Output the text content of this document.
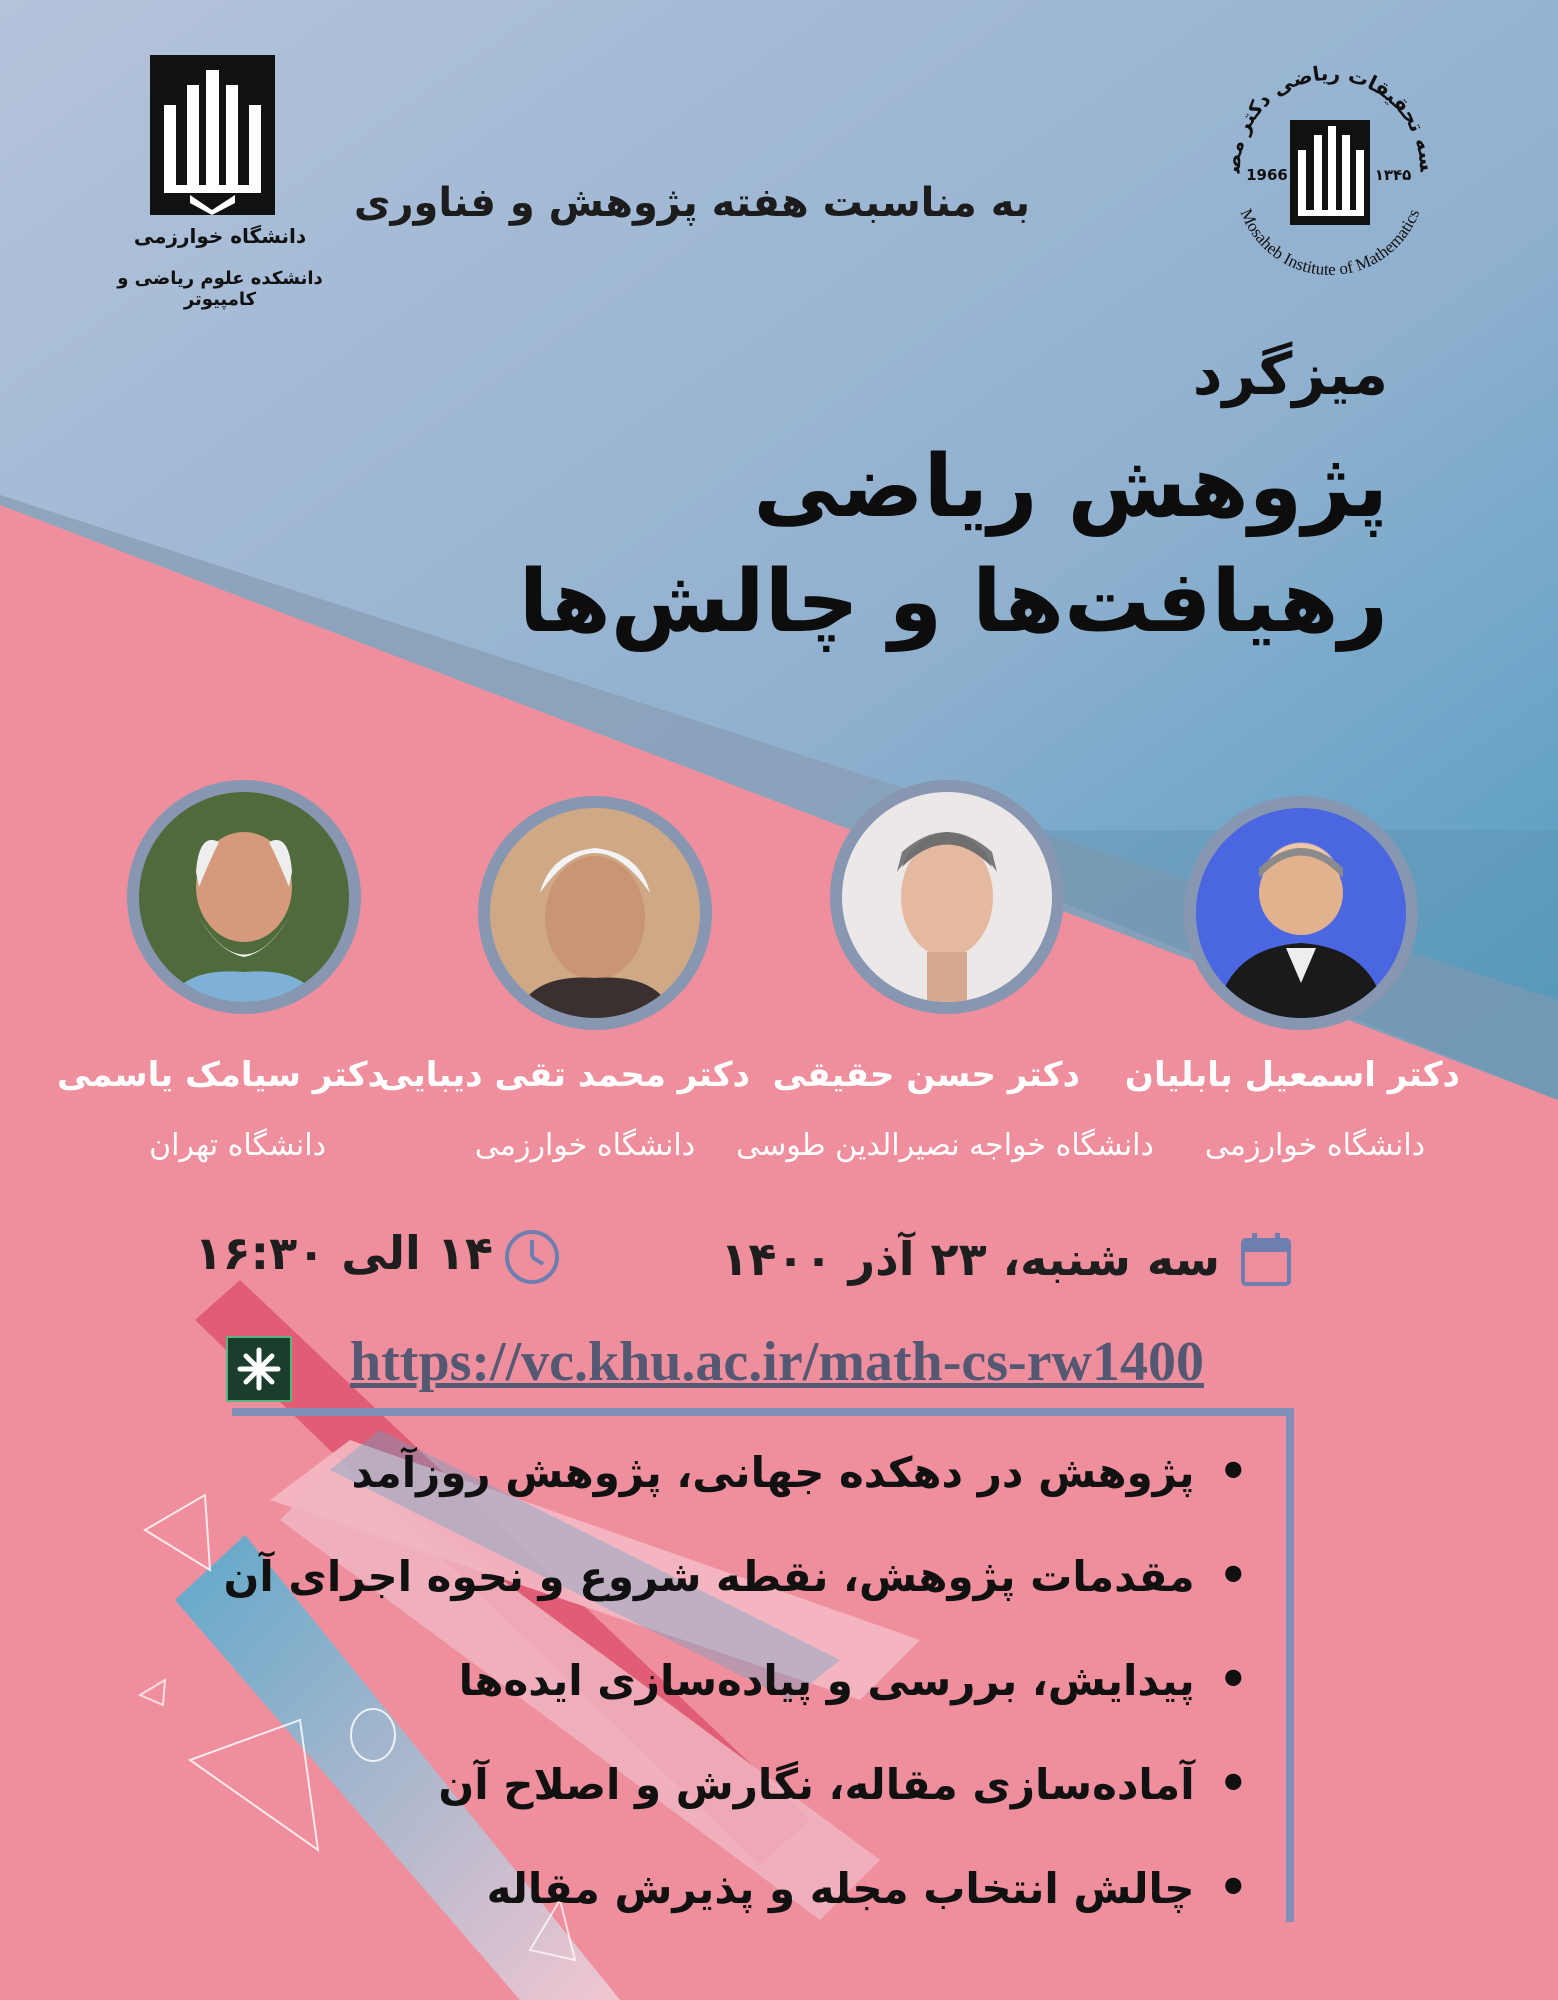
دانشگاه خوارزمی
دانشکده علوم ریاضی و کامپیوتر
سه تحقیقات ریاضی دکتر مص
Mosaheb Institute of Mathematics
1966	۱۳۴۵
به مناسبت هفته پژوهش و فناوری
میزگرد
پژوهش ریاضی
رهیافت‌ها و چالش‌ها
دکتر اسمعیل بابلیان
دانشگاه خوارزمی
دکتر حسن حقیقی
دانشگاه خواجه نصیرالدین طوسی
دکتر محمد تقی دیبایی
دانشگاه خوارزمی
دکتر سیامک یاسمی
دانشگاه تهران
سه شنبه، ۲۳ آذر ۱۴۰۰
۱۴ الی ۱۶:۳۰
https://vc.khu.ac.ir/math-cs-rw1400
• پژوهش در دهکده جهانی، پژوهش روزآمد
• مقدمات پژوهش، نقطه شروع و نحوه اجرای آن
• پیدایش، بررسی و پیاده‌سازی ایده‌ها
• آماده‌سازی مقاله، نگارش و اصلاح آن
• چالش انتخاب مجله و پذیرش مقاله
